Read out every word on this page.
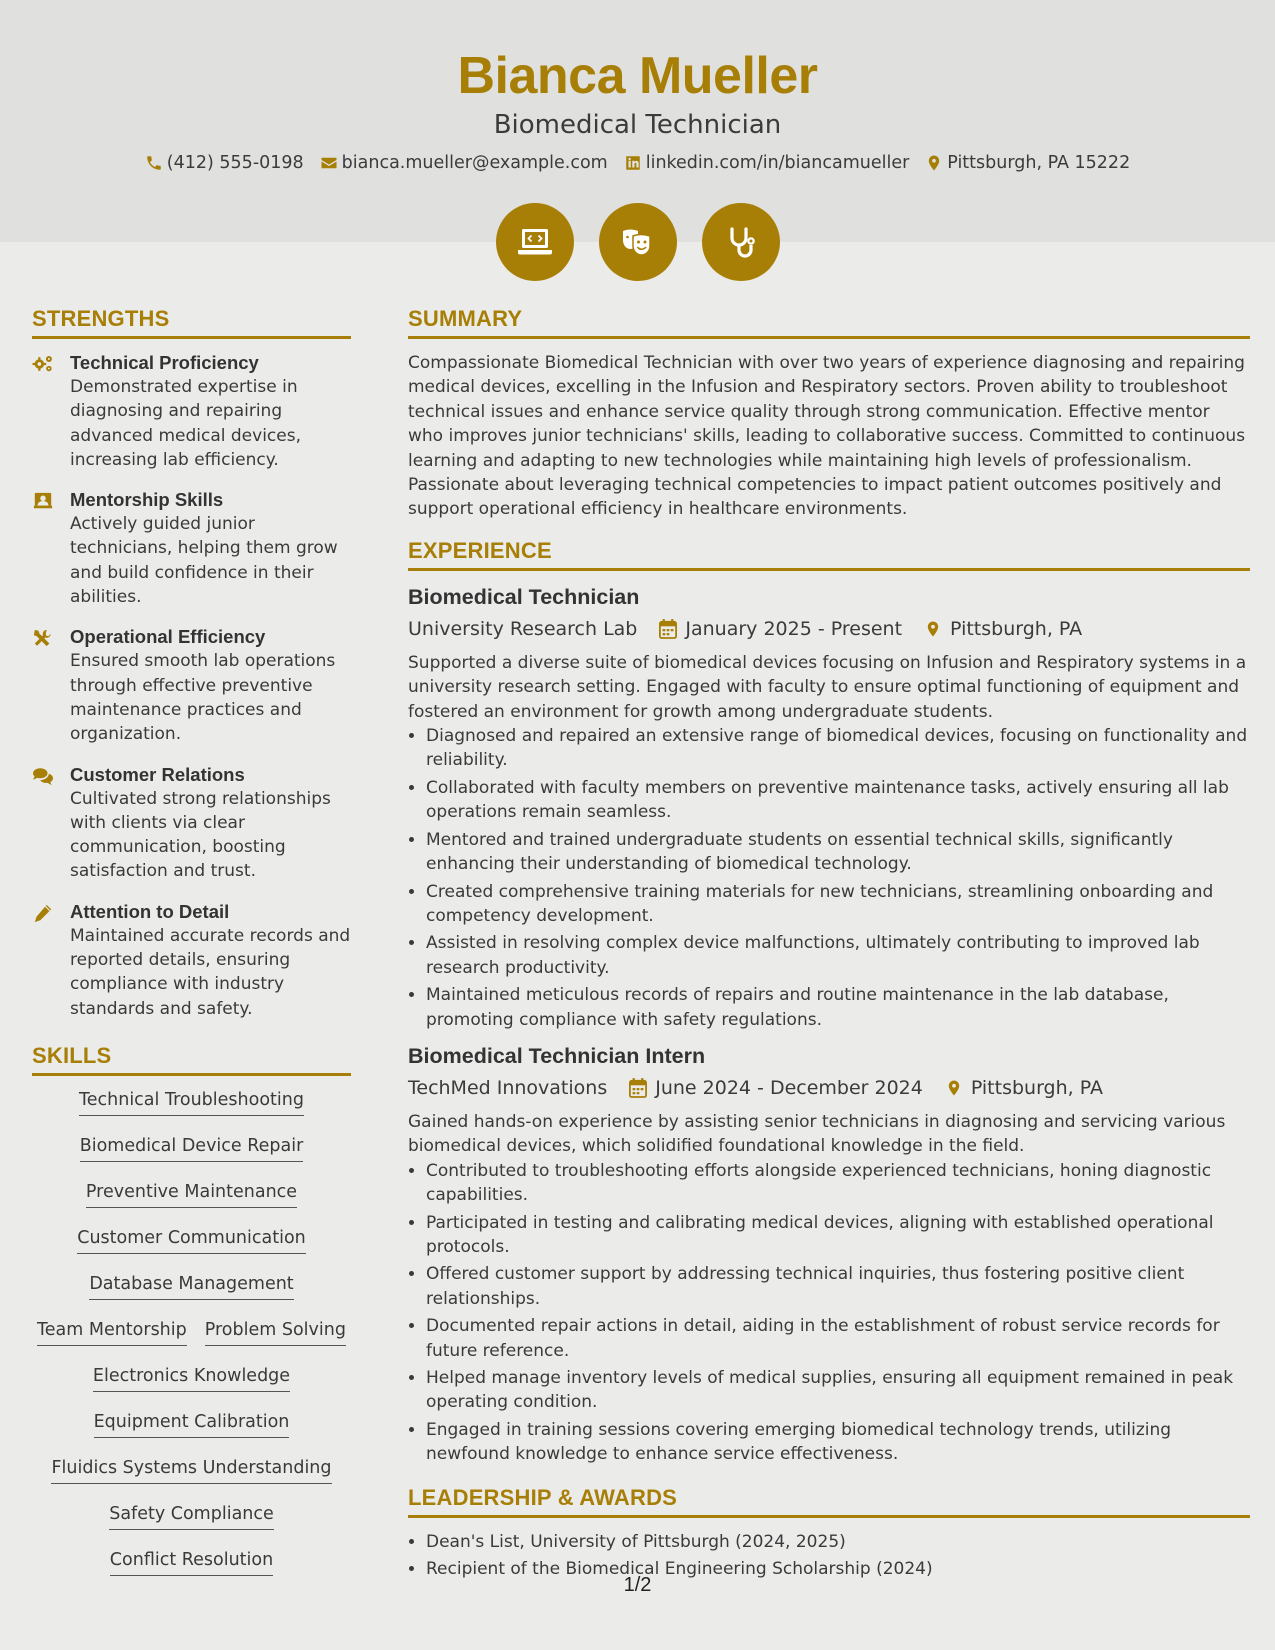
Bianca Mueller
Biomedical Technician
(412) 555-0198 bianca.mueller@example.com linkedin.com/in/biancamueller Pittsburgh, PA 15222
STRENGTHS
Technical Proficiency
Demonstrated expertise in diagnosing and repairing advanced medical devices, increasing lab efficiency.
Mentorship Skills
Actively guided junior technicians, helping them grow and build confidence in their abilities.
Operational Efficiency
Ensured smooth lab operations through effective preventive maintenance practices and organization.
Customer Relations
Cultivated strong relationships with clients via clear communication, boosting satisfaction and trust.
Attention to Detail
Maintained accurate records and reported details, ensuring compliance with industry standards and safety.
SKILLS
Technical Troubleshooting
Biomedical Device Repair
Preventive Maintenance
Customer Communication
Database Management
Team Mentorship Problem Solving
Electronics Knowledge
Equipment Calibration
Fluidics Systems Understanding
Safety Compliance
Conflict Resolution
SUMMARY
Compassionate Biomedical Technician with over two years of experience diagnosing and repairing medical devices, excelling in the Infusion and Respiratory sectors. Proven ability to troubleshoot technical issues and enhance service quality through strong communication. Effective mentor who improves junior technicians' skills, leading to collaborative success. Committed to continuous learning and adapting to new technologies while maintaining high levels of professionalism. Passionate about leveraging technical competencies to impact patient outcomes positively and support operational efficiency in healthcare environments.
EXPERIENCE
Biomedical Technician
University Research Lab	January 2025 - Present	Pittsburgh, PA
Supported a diverse suite of biomedical devices focusing on Infusion and Respiratory systems in a university research setting. Engaged with faculty to ensure optimal functioning of equipment and fostered an environment for growth among undergraduate students.
• Diagnosed and repaired an extensive range of biomedical devices, focusing on functionality and reliability.
• Collaborated with faculty members on preventive maintenance tasks, actively ensuring all lab operations remain seamless.
• Mentored and trained undergraduate students on essential technical skills, significantly enhancing their understanding of biomedical technology.
• Created comprehensive training materials for new technicians, streamlining onboarding and competency development.
• Assisted in resolving complex device malfunctions, ultimately contributing to improved lab research productivity.
• Maintained meticulous records of repairs and routine maintenance in the lab database, promoting compliance with safety regulations.
Biomedical Technician Intern
TechMed Innovations	June 2024 - December 2024	Pittsburgh, PA
Gained hands-on experience by assisting senior technicians in diagnosing and servicing various biomedical devices, which solidified foundational knowledge in the field.
• Contributed to troubleshooting efforts alongside experienced technicians, honing diagnostic capabilities.
• Participated in testing and calibrating medical devices, aligning with established operational protocols.
• Offered customer support by addressing technical inquiries, thus fostering positive client relationships.
• Documented repair actions in detail, aiding in the establishment of robust service records for future reference.
• Helped manage inventory levels of medical supplies, ensuring all equipment remained in peak operating condition.
• Engaged in training sessions covering emerging biomedical technology trends, utilizing newfound knowledge to enhance service effectiveness.
LEADERSHIP & AWARDS
• Dean's List, University of Pittsburgh (2024, 2025)
• Recipient of the Biomedical Engineering Scholarship (2024)
1/2
